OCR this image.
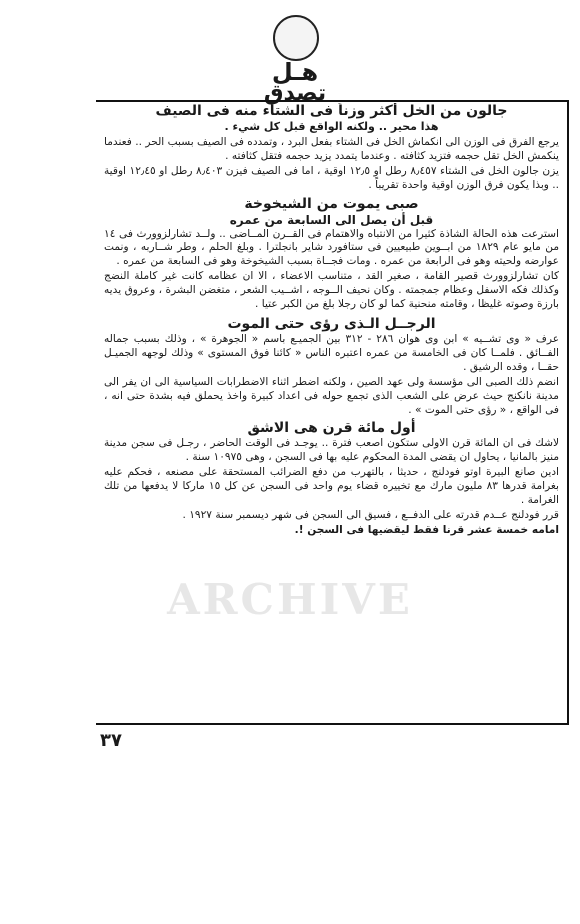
هـل
تصدق
جالون من الخل أكثر وزناً فى الشتاء منه فى الصيف

هذا محير .. ولكنه الواقع قبل كل شيء .

يرجع الفرق فى الوزن الى انكماش الخل فى الشتاء بفعل البرد ، وتمدده فى الصيف بسبب الحر .. فعندما ينكمش الخل تقل حجمه فتزيد كثافته . وعندما يتمدد يزيد حجمه فتقل كثافته .

يزن جالون الخل فى الشتاء ٨٫٤٥٧ رطل او ١٢٫٥ اوقية ، اما فى الصيف فيزن ٨٫٤٠٣ رطل او ١٢٫٤٥ اوقية .. وبذا يكون فرق الوزن اوقية واحدة تقريباً .

صبى يموت من الشيخوخة
قبل أن يصل الى السابعة من عمره

استرعت هذه الحالة الشاذة كثيرا من الانتباه والاهتمام فى القــرن المــاضى .. ولــد تشارلزوورث فى ١٤ من مايو عام ١٨٢٩ من ابــوين طبيعيين فى ستافورد شاير بانجلترا . وبلغ الحلم ، وطر شــاربه ، ونمت عوارضه ولحيته وهو فى الرابعة من عمره . ومات فجــاة بسبب الشيخوخة وهو فى السابعة من عمره .

كان تشارلزوورث قصير القامة ، صغير القد ، متناسب الاعضاء ، الا ان عظامه كانت غير كاملة النضج وكذلك فكه الاسفل وعظام جمجمته . وكان نحيف الــوجه ، اشــيب الشعر ، متغضن البشرة ، وعروق يديه بارزة وصوته غليظا ، وقامته منحنية كما لو كان رجلا بلغ من الكبر عتيا .

الرجــل الـذى رؤى حتى الموت

عرف « وى تشــيه » ابن وى هوان ٢٨٦ - ٣١٢ بين الجميـع باسم « الجوهرة » ، وذلك بسبب جماله الفــائق . فلمــا كان فى الخامسة من عمره اعتبره الناس « كائنا فوق المستوى » وذلك لوجهه الجميـل حقــا ، وقده الرشيق .

انضم ذلك الصبى الى مؤسسة ولى عهد الصين ، ولكنه اضطر اثناء الاضطرابات السياسية الى ان يفر الى مدينة نانكنج حيث عرض على الشعب الذى تجمع حوله فى اعداد كبيرة واخذ يحملق فيه بشدة حتى انه ، فى الواقع ، « رؤى حتى الموت » .

أول مائة قرن هى الاشق

لاشك فى ان المائة قرن الاولى ستكون اصعب فترة .. يوجـد فى الوقت الحاضر ، رجـل فى سجن مدينة منيز بالمانيا ، يحاول ان يقضى المدة المحكوم عليه بها فى السجن ، وهى ١٠٩٧٥ سنة .

ادين صانع البيرة اوتو فودلنج ، حديثا ، بالتهرب من دفع الضرائب المستحقة على مصنعه ، فحكم عليه بغرامة قدرها ٨٣ مليون مارك مع تخييره قضاء يوم واحد فى السجن عن كل ١٥ ماركا لا يدفعها من تلك الغرامة .

قرر فودلنج عــدم قدرته على الدفــع ، فسيق الى السجن فى شهر ديسمبر سنة ١٩٢٧ .

امامه خمسة عشر قرنا فقط ليقضيها فى السجن !.

ARCHIVE
٣٧
